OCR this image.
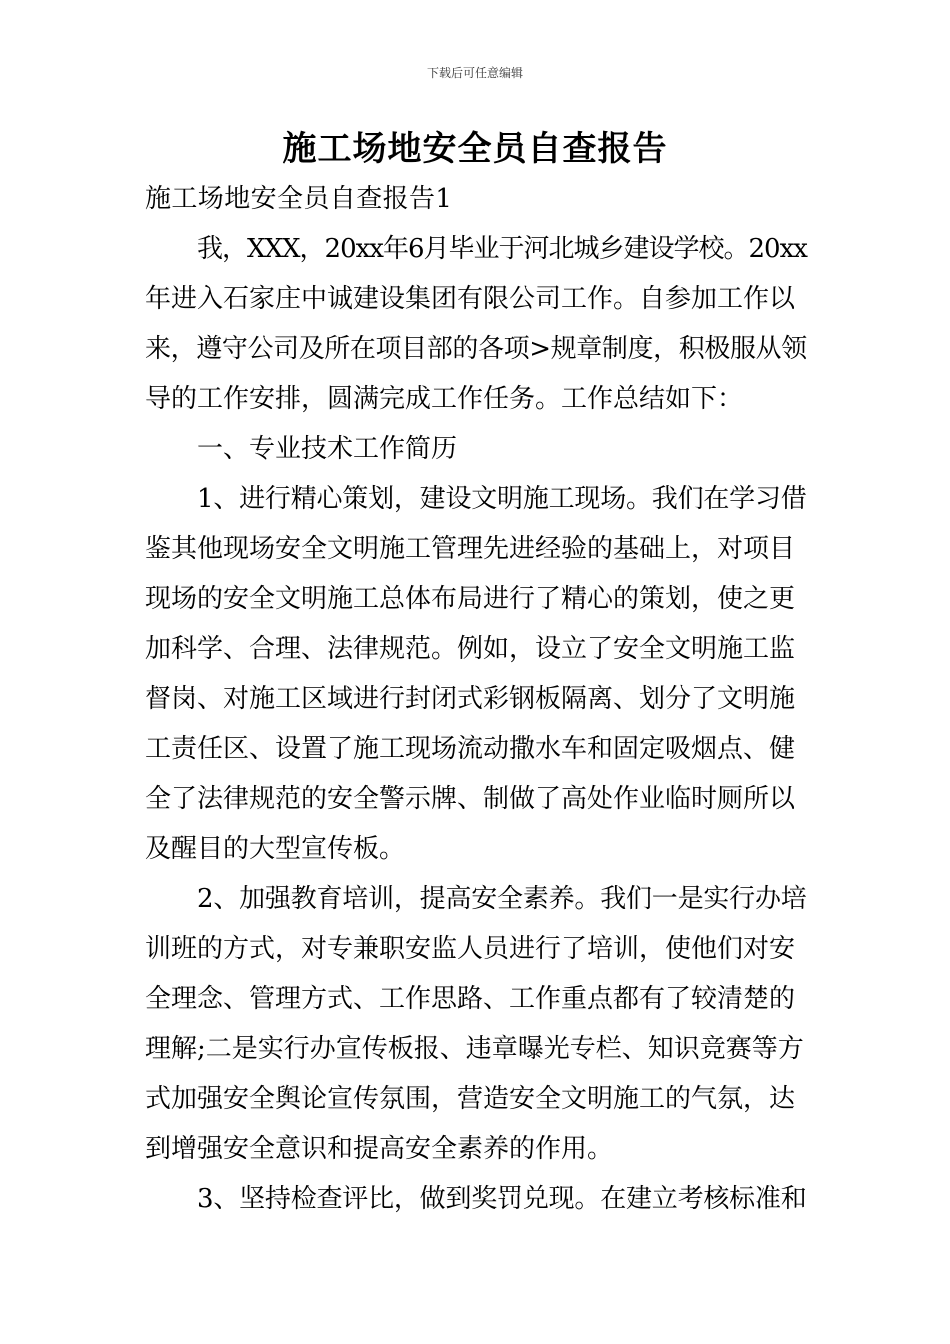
下载后可任意编辑
施工场地安全员自查报告
施工场地安全员自查报告1
我，XXX，20xx年6月毕业于河北城乡建设学校。20xx
年进入石家庄中诚建设集团有限公司工作。自参加工作以
来，遵守公司及所在项目部的各项>规章制度，积极服从领
导的工作安排，圆满完成工作任务。工作总结如下：
一、专业技术工作简历
1、进行精心策划，建设文明施工现场。我们在学习借
鉴其他现场安全文明施工管理先进经验的基础上，对项目
现场的安全文明施工总体布局进行了精心的策划，使之更
加科学、合理、法律规范。例如，设立了安全文明施工监
督岗、对施工区域进行封闭式彩钢板隔离、划分了文明施
工责任区、设置了施工现场流动撒水车和固定吸烟点、健
全了法律规范的安全警示牌、制做了高处作业临时厕所以
及醒目的大型宣传板。
2、加强教育培训，提高安全素养。我们一是实行办培
训班的方式，对专兼职安监人员进行了培训，使他们对安
全理念、管理方式、工作思路、工作重点都有了较清楚的
理解;二是实行办宣传板报、违章曝光专栏、知识竞赛等方
式加强安全舆论宣传氛围，营造安全文明施工的气氛，达
到增强安全意识和提高安全素养的作用。
3、坚持检查评比，做到奖罚兑现。在建立考核标准和
